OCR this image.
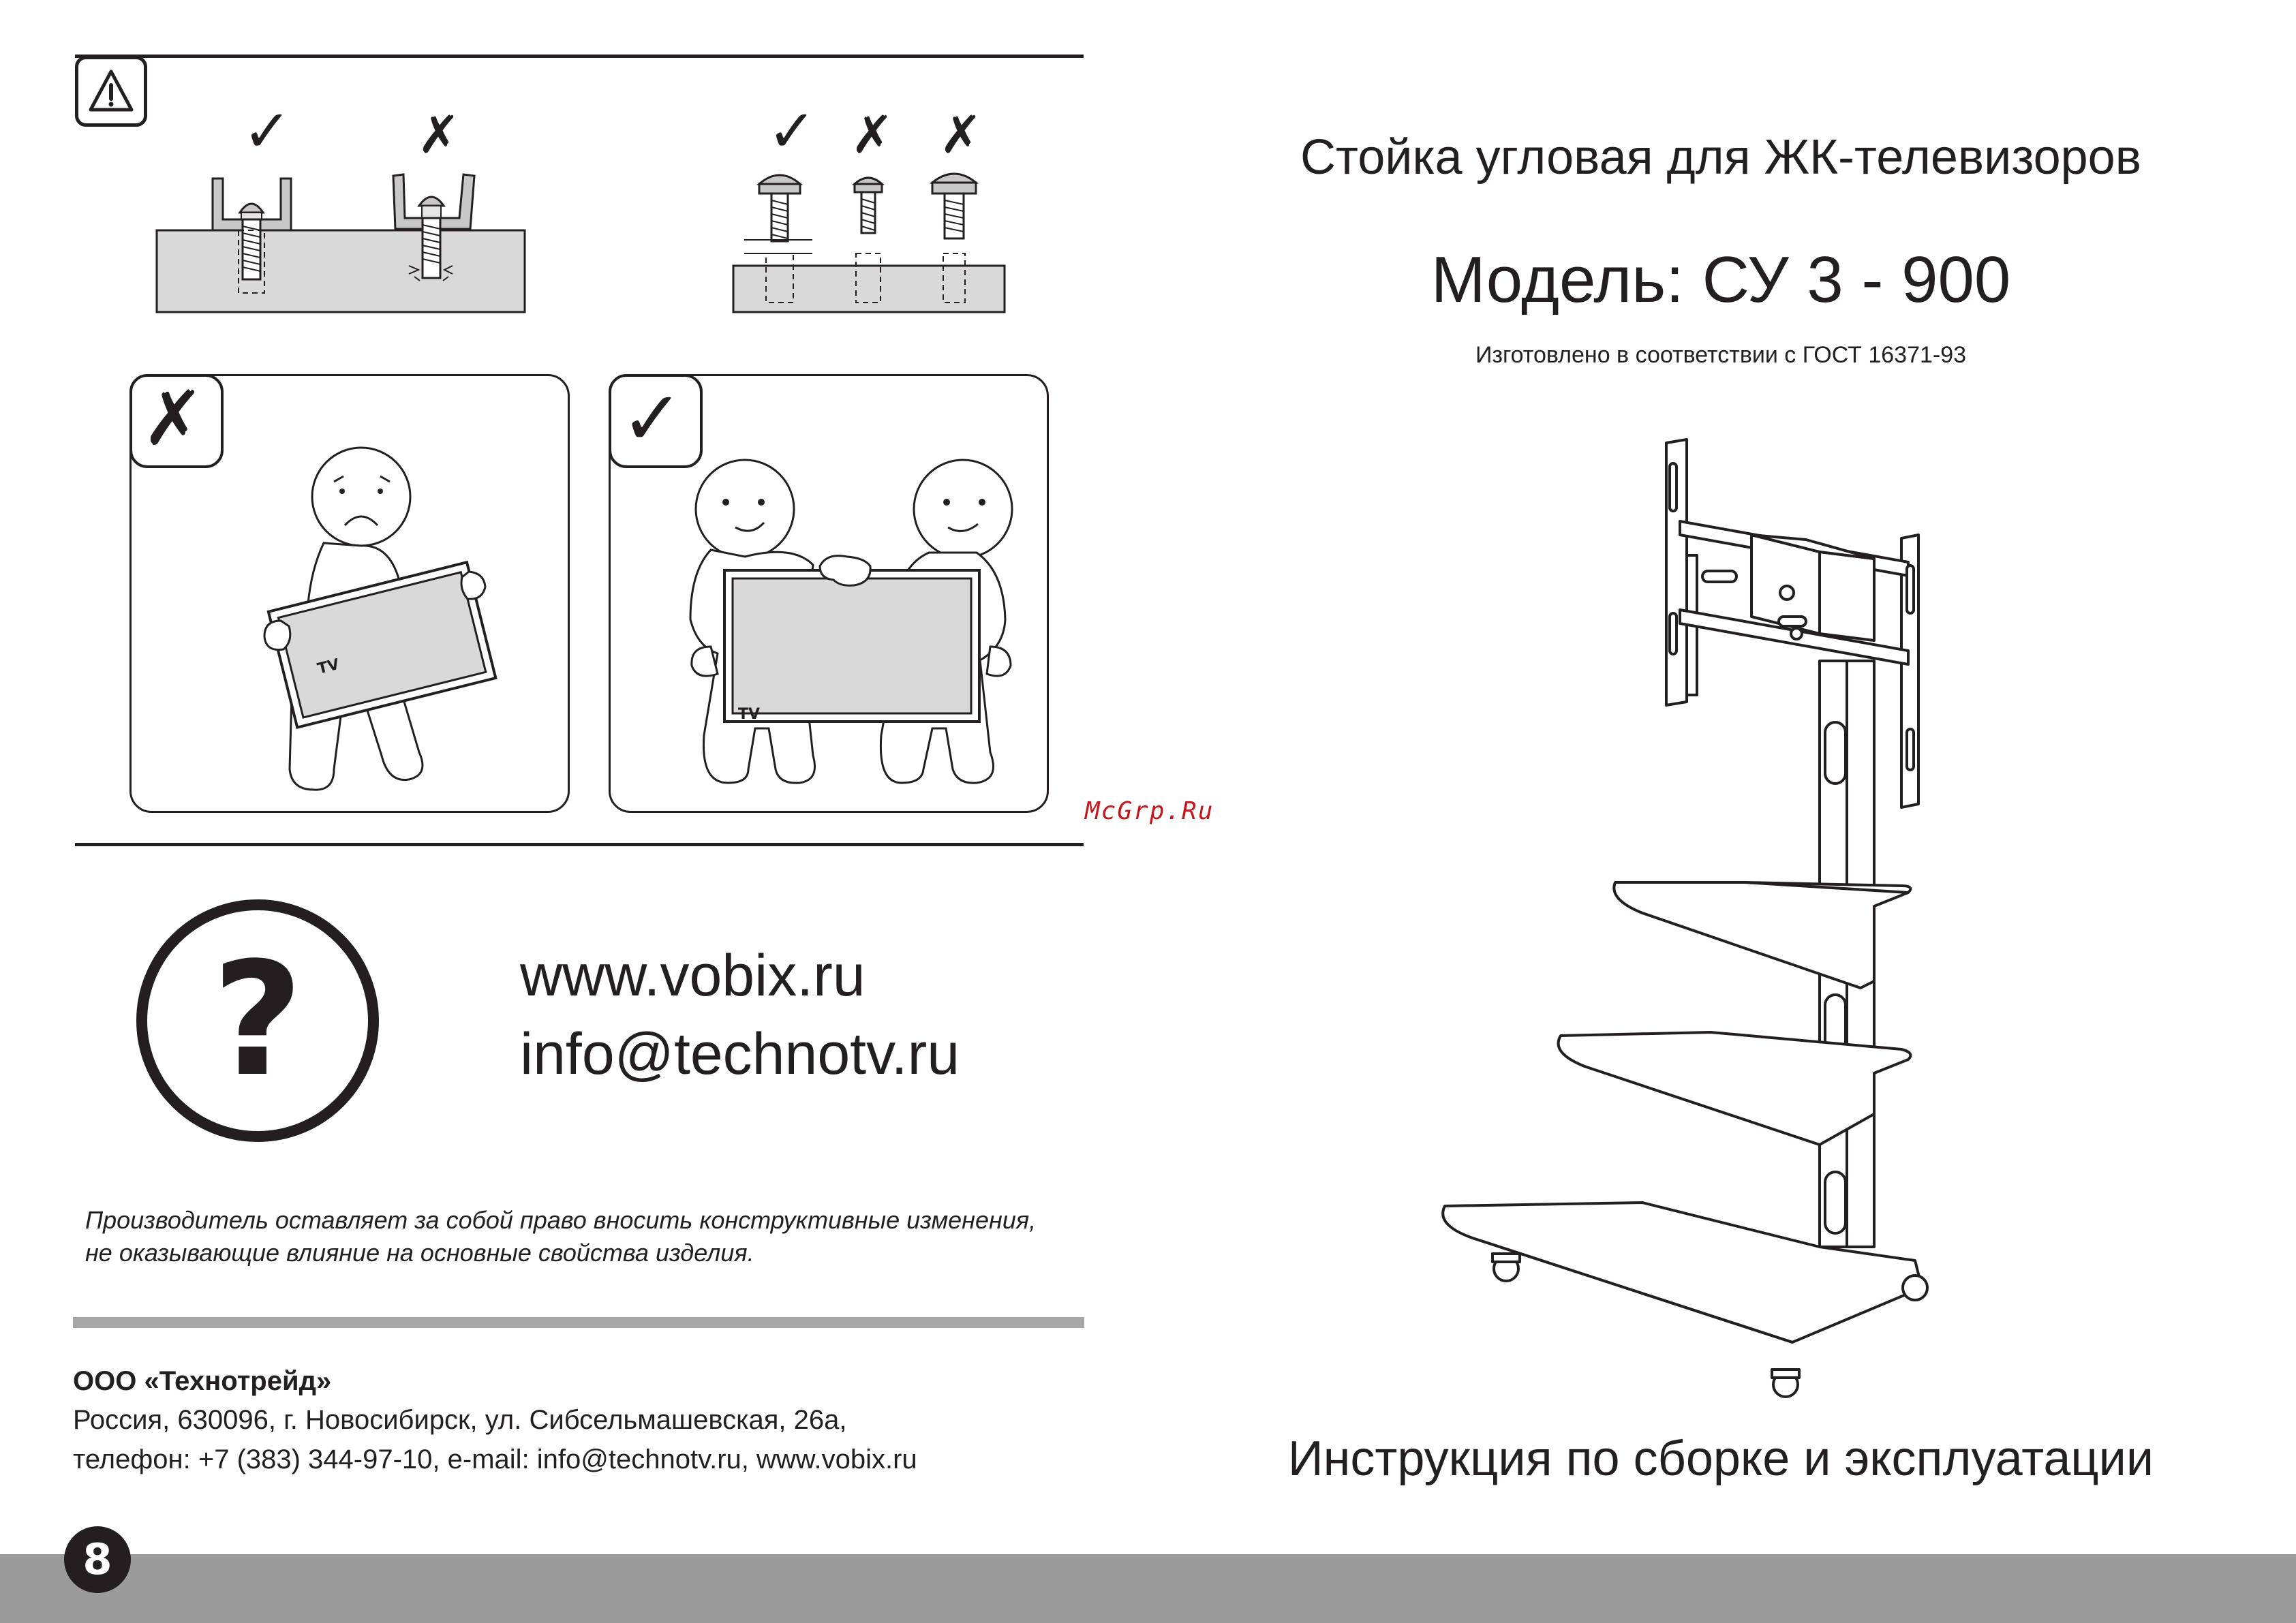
✓ ✗	✓ ✗ ✗
✗
TV
✓
TV
McGrp.Ru
?	www.vobix.ru
info@technotv.ru
Производитель оставляет за собой право вносить конструктивные изменения,
не оказывающие влияние на основные свойства изделия.
ООО «Технотрейд»
Россия, 630096, г. Новосибирск, ул. Сибсельмашевская, 26а,
телефон: +7 (383) 344-97-10, e-mail: info@technotv.ru, www.vobix.ru
8
Стойка угловая для ЖК-телевизоров
Модель: СУ 3 - 900
Изготовлено в соответствии с ГОСТ 16371-93
Инструкция по сборке и эксплуатации
